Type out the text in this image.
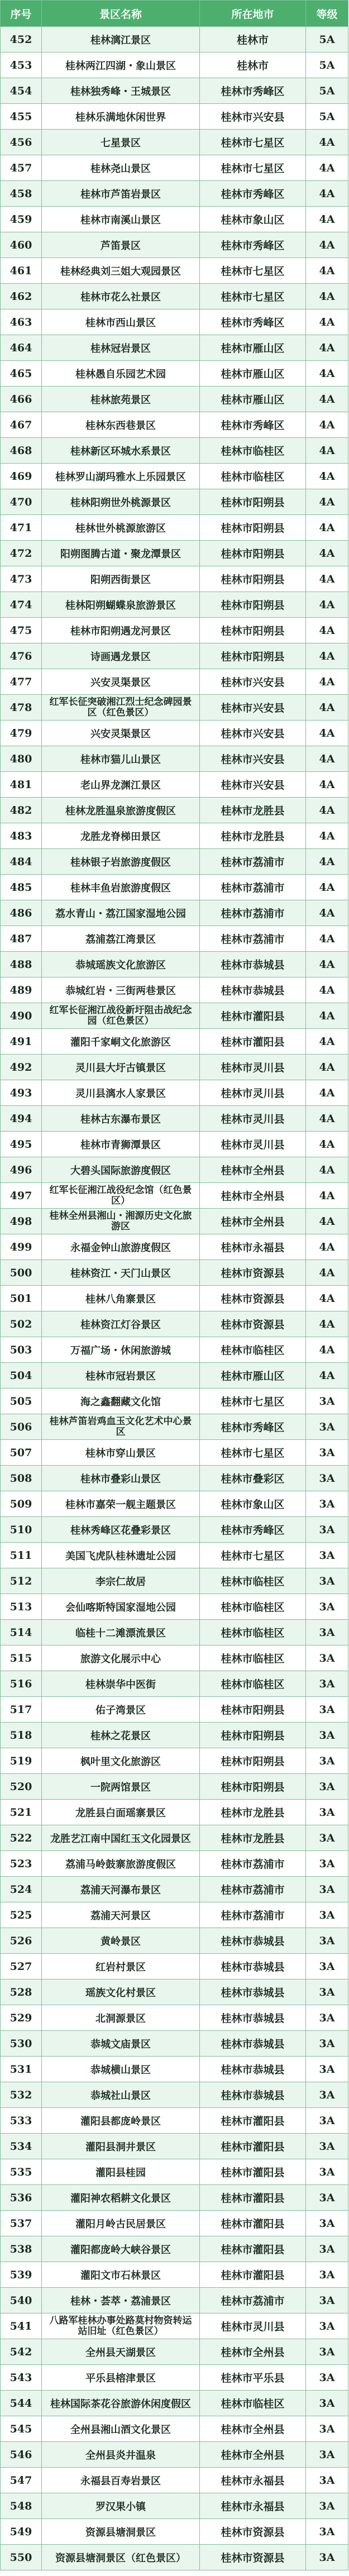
序号	景区名称	所在地市	等级
452	桂林漓江景区	桂林市	5A
453	桂林两江四湖・象山景区	桂林市	5A
454	桂林独秀峰・王城景区	桂林市秀峰区	5A
455	桂林乐满地休闲世界	桂林市兴安县	5A
456	七星景区	桂林市七星区	4A
457	桂林尧山景区	桂林市七星区	4A
458	桂林市芦笛岩景区	桂林市秀峰区	4A
459	桂林市南溪山景区	桂林市象山区	4A
460	芦笛景区	桂林市秀峰区	4A
461	桂林经典刘三姐大观园景区	桂林市七星区	4A
462	桂林市花么社景区	桂林市七星区	4A
463	桂林市西山景区	桂林市秀峰区	4A
464	桂林冠岩景区	桂林市雁山区	4A
465	桂林愚自乐园艺术园	桂林市雁山区	4A
466	桂林旅苑景区	桂林市雁山区	4A
467	桂林东西巷景区	桂林市秀峰区	4A
468	桂林新区环城水系景区	桂林市临桂区	4A
469	桂林罗山湖玛雅水上乐园景区	桂林市临桂区	4A
470	桂林阳朔世外桃源景区	桂林市阳朔县	4A
471	桂林世外桃源旅游区	桂林市阳朔县	4A
472	阳朔图腾古道・聚龙潭景区	桂林市阳朔县	4A
473	阳朔西街景区	桂林市阳朔县	4A
474	桂林阳朔蝴蝶泉旅游景区	桂林市阳朔县	4A
475	桂林市阳朔遇龙河景区	桂林市阳朔县	4A
476	诗画遇龙景区	桂林市阳朔县	4A
477	兴安灵渠景区	桂林市兴安县	4A
478	红军长征突破湘江烈士纪念碑园景区（红色景区）	桂林市兴安县	4A
479	兴安灵渠景区	桂林市兴安县	4A
480	桂林市猫儿山景区	桂林市兴安县	4A
481	老山界龙渊江景区	桂林市兴安县	4A
482	桂林龙胜温泉旅游度假区	桂林市龙胜县	4A
483	龙胜龙脊梯田景区	桂林市龙胜县	4A
484	桂林银子岩旅游度假区	桂林市荔浦市	4A
485	桂林丰鱼岩旅游度假区	桂林市荔浦市	4A
486	荔水青山・荔江国家湿地公园	桂林市荔浦市	4A
487	荔浦荔江湾景区	桂林市荔浦市	4A
488	恭城瑶族文化旅游区	桂林市恭城县	4A
489	恭城红岩・三街两巷景区	桂林市恭城县	4A
490	红军长征湘江战役新圩阻击战纪念园（红色景区）	桂林市灌阳县	4A
491	灌阳千家峒文化旅游区	桂林市灌阳县	4A
492	灵川县大圩古镇景区	桂林市灵川县	4A
493	灵川县漓水人家景区	桂林市灵川县	4A
494	桂林古东瀑布景区	桂林市灵川县	4A
495	桂林市青狮潭景区	桂林市灵川县	4A
496	大碧头国际旅游度假区	桂林市全州县	4A
497	红军长征湘江战役纪念馆（红色景区）	桂林市全州县	4A
498	桂林全州县湘山・湘源历史文化旅游区	桂林市全州县	4A
499	永福金钟山旅游度假区	桂林市永福县	4A
500	桂林资江・天门山景区	桂林市资源县	4A
501	桂林八角寨景区	桂林市资源县	4A
502	桂林资江灯谷景区	桂林市资源县	4A
503	万福广场・休闲旅游城	桂林市临桂区	4A
504	桂林市冠岩景区	桂林市雁山区	4A
505	海之鑫翻藏文化馆	桂林市七星区	3A
506	桂林芦笛岩鸡血玉文化艺术中心景区	桂林市秀峰区	3A
507	桂林市穿山景区	桂林市七星区	3A
508	桂林市叠彩山景区	桂林市叠彩区	3A
509	桂林市嘉荣一舰主题景区	桂林市象山区	3A
510	桂林秀峰区花叠彩景区	桂林市秀峰区	3A
511	美国飞虎队桂林遗址公园	桂林市七星区	3A
512	李宗仁故居	桂林市临桂区	3A
513	会仙喀斯特国家湿地公园	桂林市临桂区	3A
514	临桂十二滩漂流景区	桂林市临桂区	3A
515	旅游文化展示中心	桂林市临桂区	3A
516	桂林崇华中医街	桂林市临桂区	3A
517	佑子湾景区	桂林市阳朔县	3A
518	桂林之花景区	桂林市阳朔县	3A
519	枫叶里文化旅游区	桂林市阳朔县	3A
520	一院两馆景区	桂林市阳朔县	3A
521	龙胜县白面瑶寨景区	桂林市龙胜县	3A
522	龙胜艺江南中国红玉文化园景区	桂林市龙胜县	3A
523	荔浦马岭鼓寨旅游度假区	桂林市荔浦市	3A
524	荔浦天河瀑布景区	桂林市荔浦市	3A
525	荔浦天河景区	桂林市荔浦市	3A
526	黄岭景区	桂林市恭城县	3A
527	红岩村景区	桂林市恭城县	3A
528	瑶族文化村景区	桂林市恭城县	3A
529	北洞源景区	桂林市恭城县	3A
530	恭城文庙景区	桂林市恭城县	3A
531	恭城横山景区	桂林市恭城县	3A
532	恭城社山景区	桂林市恭城县	3A
533	灌阳县都庞岭景区	桂林市灌阳县	3A
534	灌阳县洞井景区	桂林市灌阳县	3A
535	灌阳县桂园	桂林市灌阳县	3A
536	灌阳神农稻耕文化景区	桂林市灌阳县	3A
537	灌阳月岭古民居景区	桂林市灌阳县	3A
538	灌阳都庞岭大峡谷景区	桂林市灌阳县	3A
539	灌阳文市石林景区	桂林市灌阳县	3A
540	桂林・荟萃・荔浦景区	桂林市荔浦市	3A
541	八路军桂林办事处路莫村物资转运站旧址（红色景区）	桂林市灵川县	3A
542	全州县天湖景区	桂林市全州县	3A
543	平乐县榕津景区	桂林市平乐县	3A
544	桂林国际茶花谷旅游休闲度假区	桂林市临桂区	3A
545	全州县湘山酒文化景区	桂林市全州县	3A
546	全州县炎井温泉	桂林市全州县	3A
547	永福县百寿岩景区	桂林市永福县	3A
548	罗汉果小镇	桂林市永福县	3A
549	资源县塘洞景区	桂林市资源县	3A
550	资源县塘洞景区（红色景区）	桂林市资源县	3A
